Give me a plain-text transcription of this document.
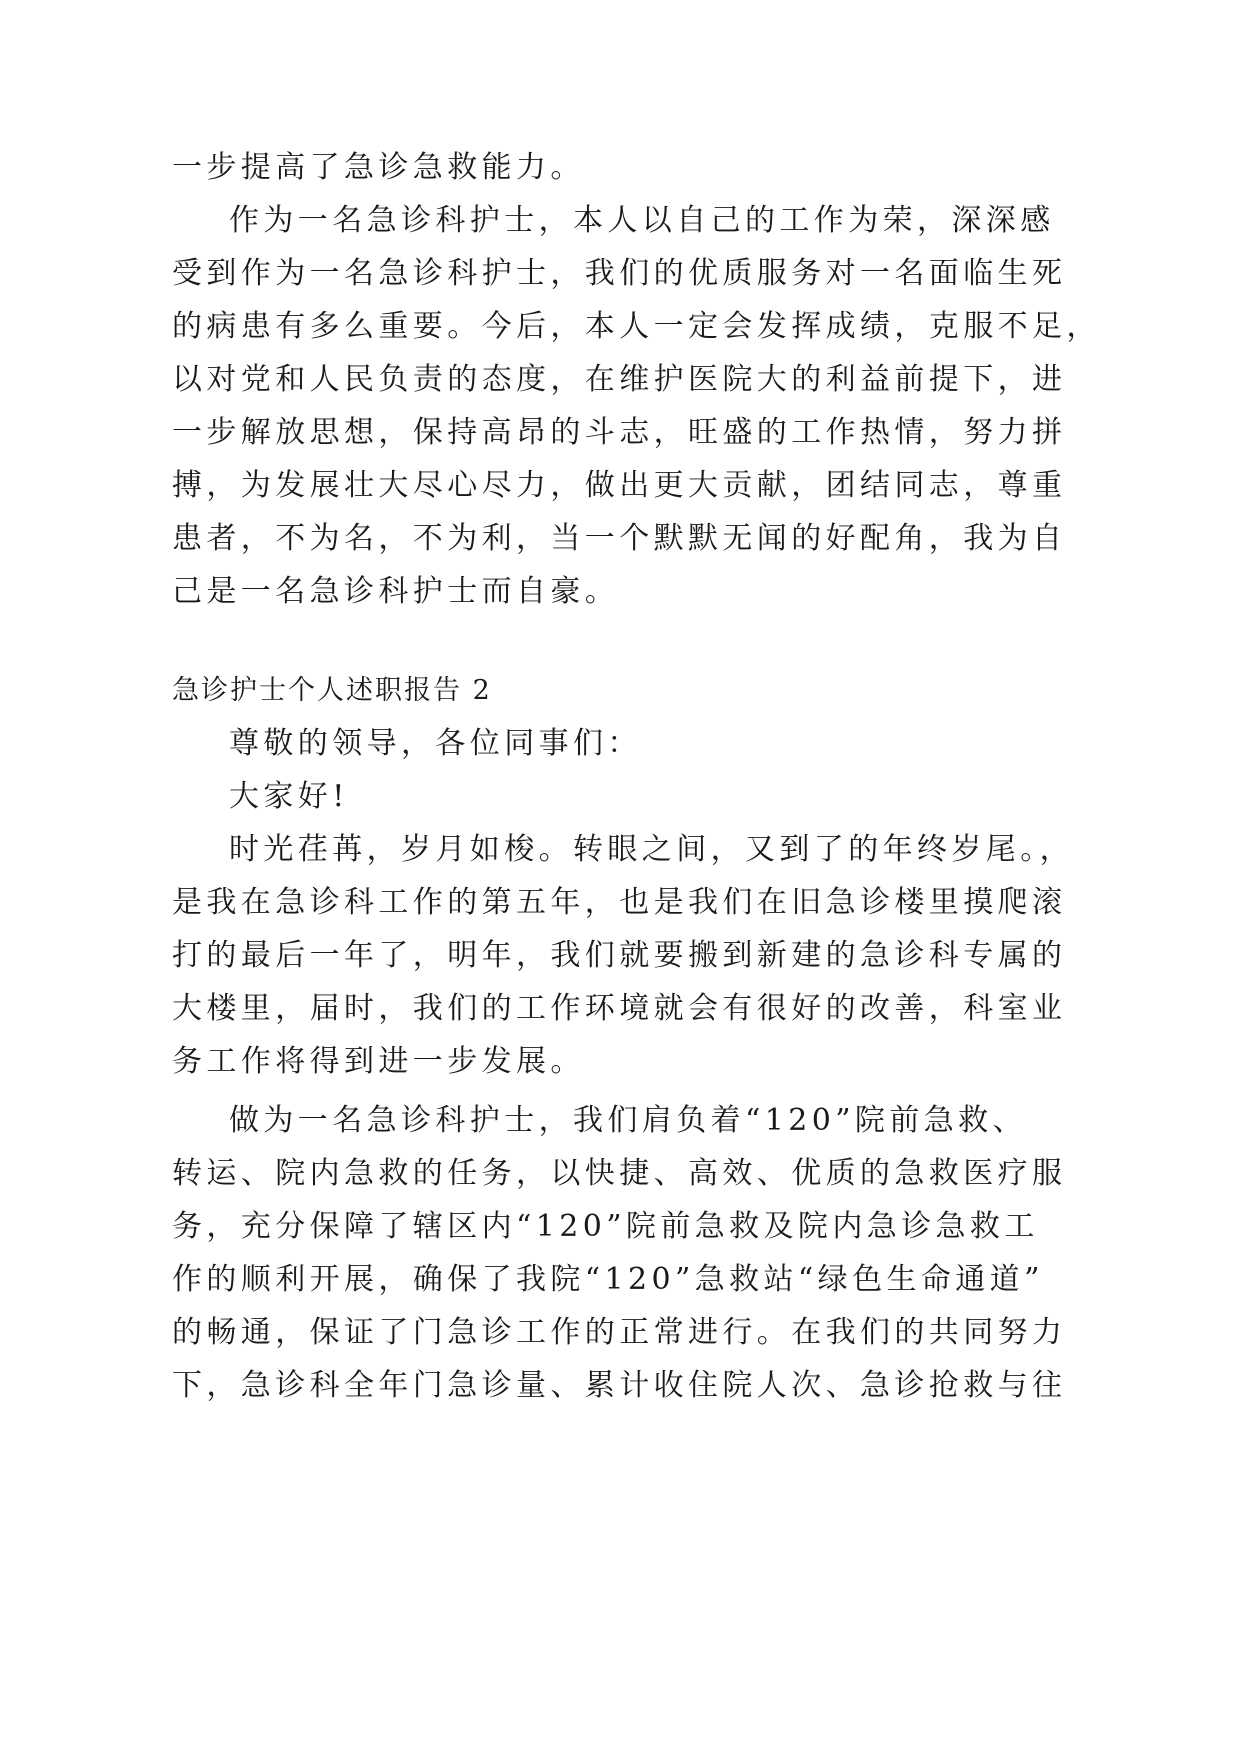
一步提高了急诊急救能力。
作为一名急诊科护士，本人以自己的工作为荣，深深感
受到作为一名急诊科护士，我们的优质服务对一名面临生死
的病患有多么重要。今后，本人一定会发挥成绩，克服不足，
以对党和人民负责的态度，在维护医院大的利益前提下，进
一步解放思想，保持高昂的斗志，旺盛的工作热情，努力拼
搏，为发展壮大尽心尽力，做出更大贡献，团结同志，尊重
患者，不为名，不为利，当一个默默无闻的好配角，我为自
己是一名急诊科护士而自豪。
急诊护士个人述职报告 2
尊敬的领导，各位同事们：
大家好!
时光荏苒，岁月如梭。转眼之间，又到了的年终岁尾。，
是我在急诊科工作的第五年，也是我们在旧急诊楼里摸爬滚
打的最后一年了，明年，我们就要搬到新建的急诊科专属的
大楼里，届时，我们的工作环境就会有很好的改善，科室业
务工作将得到进一步发展。
做为一名急诊科护士，我们肩负着“120”院前急救、
转运、院内急救的任务，以快捷、高效、优质的急救医疗服
务，充分保障了辖区内“120”院前急救及院内急诊急救工
作的顺利开展，确保了我院“120”急救站“绿色生命通道”
的畅通，保证了门急诊工作的正常进行。在我们的共同努力
下，急诊科全年门急诊量、累计收住院人次、急诊抢救与往
